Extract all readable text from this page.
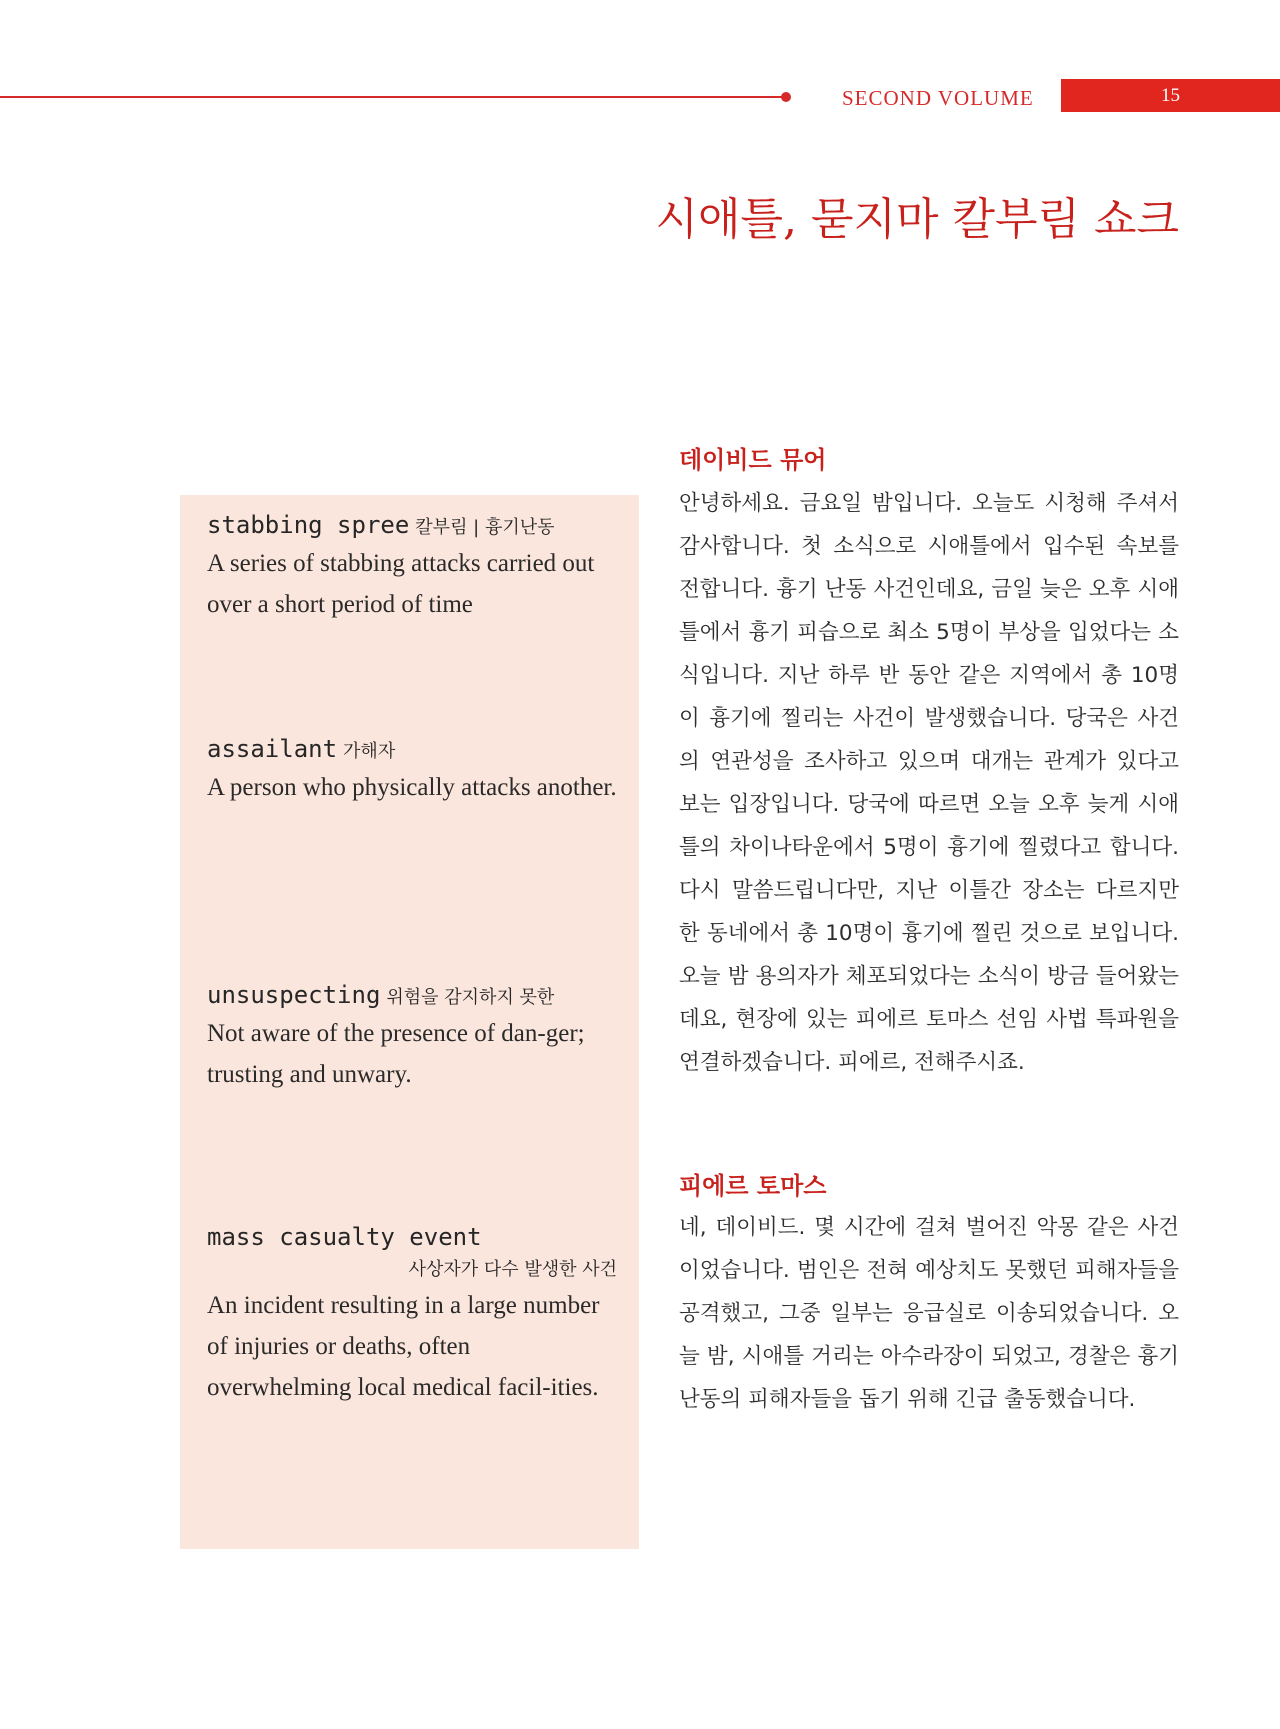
SECOND VOLUME	15
시애틀, 묻지마 칼부림 쇼크
stabbing spree 칼부림 | 흉기난동
A series of stabbing attacks carried out over a short period of time
assailant 가해자
A person who physically attacks another.
unsuspecting 위험을 감지하지 못한
Not aware of the presence of dan-ger; trusting and unwary.
mass casualty event
사상자가 다수 발생한 사건
An incident resulting in a large number of injuries or deaths, often overwhelming local medical facil-ities.
데이비드 뮤어

안녕하세요. 금요일 밤입니다. 오늘도 시청해 주셔서 감사합니다. 첫 소식으로 시애틀에서 입수된 속보를 전합니다. 흉기 난동 사건인데요, 금일 늦은 오후 시애틀에서 흉기 피습으로 최소 5명이 부상을 입었다는 소식입니다. 지난 하루 반 동안 같은 지역에서 총 10명이 흉기에 찔리는 사건이 발생했습니다. 당국은 사건의 연관성을 조사하고 있으며 대개는 관계가 있다고 보는 입장입니다. 당국에 따르면 오늘 오후 늦게 시애틀의 차이나타운에서 5명이 흉기에 찔렸다고 합니다. 다시 말씀드립니다만, 지난 이틀간 장소는 다르지만 한 동네에서 총 10명이 흉기에 찔린 것으로 보입니다. 오늘 밤 용의자가 체포되었다는 소식이 방금 들어왔는데요, 현장에 있는 피에르 토마스 선임 사법 특파원을 연결하겠습니다. 피에르, 전해주시죠.

피에르 토마스

네, 데이비드. 몇 시간에 걸쳐 벌어진 악몽 같은 사건이었습니다. 범인은 전혀 예상치도 못했던 피해자들을 공격했고, 그중 일부는 응급실로 이송되었습니다. 오늘 밤, 시애틀 거리는 아수라장이 되었고, 경찰은 흉기 난동의 피해자들을 돕기 위해 긴급 출동했습니다.
